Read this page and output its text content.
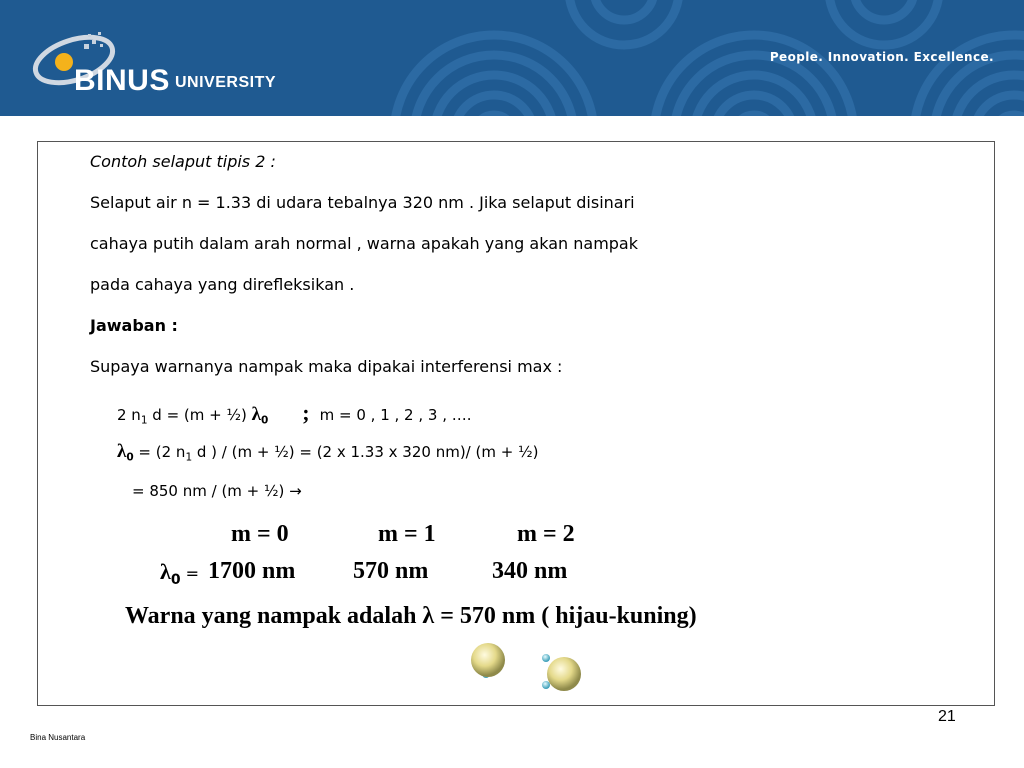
BINUS UNIVERSITY
People. Innovation. Excellence.
Contoh selaput tipis 2 :
Selaput air n = 1.33 di udara tebalnya 320 nm . Jika selaput disinari
cahaya putih dalam arah normal , warna apakah yang akan nampak
pada cahaya yang direfleksikan .
Jawaban :
Supaya warnanya nampak maka dipakai interferensi max :
2 $n_1$ d = (m + ½) $\lambda_0$ ; m = 0 , 1 , 2 , 3 , ….
$\lambda_0 = (2$ $n_1$ d ) / (m + ½) = (2 x 1.33 x 320 nm)/ (m + ½)
= 850 nm / (m + ½) →
m = 0	m = 1	m = 2
$\lambda_0 = 1700$ nm 570 nm	340 nm
Warna yang nampak adalah λ = 570 nm ( hijau-kuning)
21
Bina Nusantara
